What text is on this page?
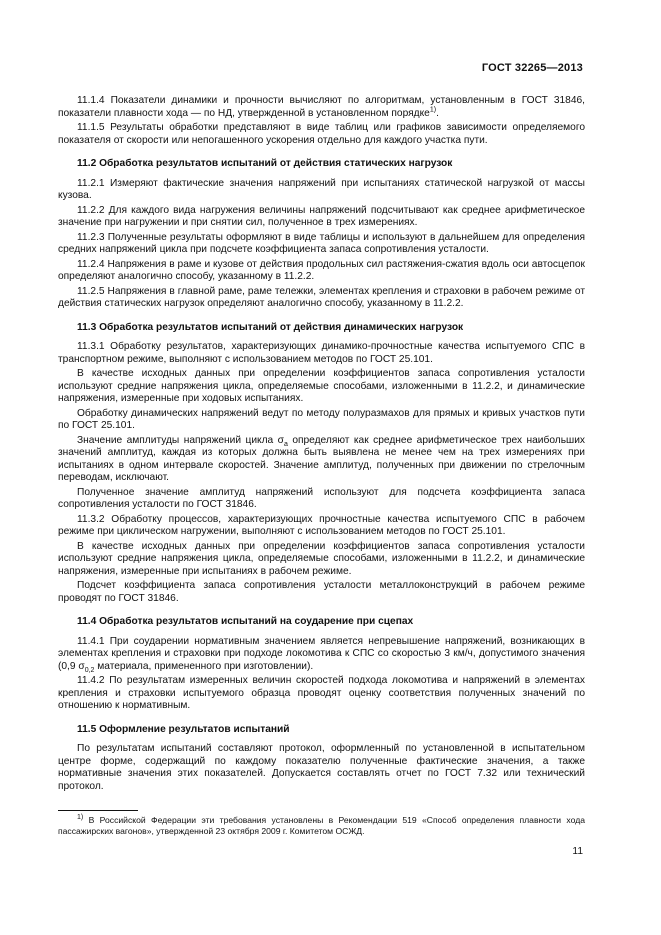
ГОСТ 32265—2013

11.1.4 Показатели динамики и прочности вычисляют по алгоритмам, установленным в ГОСТ 31846, показатели плавности хода — по НД, утвержденной в установленном порядке$^{1)}$.

11.1.5 Результаты обработки представляют в виде таблиц или графиков зависимости определяемого показателя от скорости или непогашенного ускорения отдельно для каждого участка пути.

11.2 Обработка результатов испытаний от действия статических нагрузок

11.2.1 Измеряют фактические значения напряжений при испытаниях статической нагрузкой от массы кузова.

11.2.2 Для каждого вида нагружения величины напряжений подсчитывают как среднее арифметическое значение при нагружении и при снятии сил, полученное в трех измерениях.

11.2.3 Полученные результаты оформляют в виде таблицы и используют в дальнейшем для определения средних напряжений цикла при подсчете коэффициента запаса сопротивления усталости.

11.2.4 Напряжения в раме и кузове от действия продольных сил растяжения-сжатия вдоль оси автосцепок определяют аналогично способу, указанному в 11.2.2.

11.2.5 Напряжения в главной раме, раме тележки, элементах крепления и страховки в рабочем режиме от действия статических нагрузок определяют аналогично способу, указанному в 11.2.2.

11.3 Обработка результатов испытаний от действия динамических нагрузок

11.3.1 Обработку результатов, характеризующих динамико-прочностные качества испытуемого СПС в транспортном режиме, выполняют с использованием методов по ГОСТ 25.101.

В качестве исходных данных при определении коэффициентов запаса сопротивления усталости используют средние напряжения цикла, определяемые способами, изложенными в 11.2.2, и динамические напряжения, измеренные при ходовых испытаниях.

Обработку динамических напряжений ведут по методу полуразмахов для прямых и кривых участков пути по ГОСТ 25.101.

Значение амплитуды напряжений цикла $\sigma_a$ определяют как среднее арифметическое трех наибольших значений амплитуд, каждая из которых должна быть выявлена не менее чем на трех измерениях при испытаниях в одном интервале скоростей. Значение амплитуд, полученных при движении по стрелочным переводам, исключают.

Полученное значение амплитуд напряжений используют для подсчета коэффициента запаса сопротивления усталости по ГОСТ 31846.

11.3.2 Обработку процессов, характеризующих прочностные качества испытуемого СПС в рабочем режиме при циклическом нагружении, выполняют с использованием методов по ГОСТ 25.101.

В качестве исходных данных при определении коэффициентов запаса сопротивления усталости используют средние напряжения цикла, определяемые способами, изложенными в 11.2.2, и динамические напряжения, измеренные при испытаниях в рабочем режиме.

Подсчет коэффициента запаса сопротивления усталости металлоконструкций в рабочем режиме проводят по ГОСТ 31846.

11.4 Обработка результатов испытаний на соударение при сцепах

11.4.1 При соударении нормативным значением является непревышение напряжений, возникающих в элементах крепления и страховки при подходе локомотива к СПС со скоростью 3 км/ч, допустимого значения (0,9 $\sigma_{0,2}$ материала, примененного при изготовлении).

11.4.2 По результатам измеренных величин скоростей подхода локомотива и напряжений в элементах крепления и страховки испытуемого образца проводят оценку соответствия полученных значений по отношению к нормативным.

11.5 Оформление результатов испытаний

По результатам испытаний составляют протокол, оформленный по установленной в испытательном центре форме, содержащий по каждому показателю полученные фактические значения, а также нормативные значения этих показателей. Допускается составлять отчет по ГОСТ 7.32 или технический протокол.

$^{1)}$ В Российской Федерации эти требования установлены в Рекомендации 519 «Способ определения плавности хода пассажирских вагонов», утвержденной 23 октября 2009 г. Комитетом ОСЖД.
11
